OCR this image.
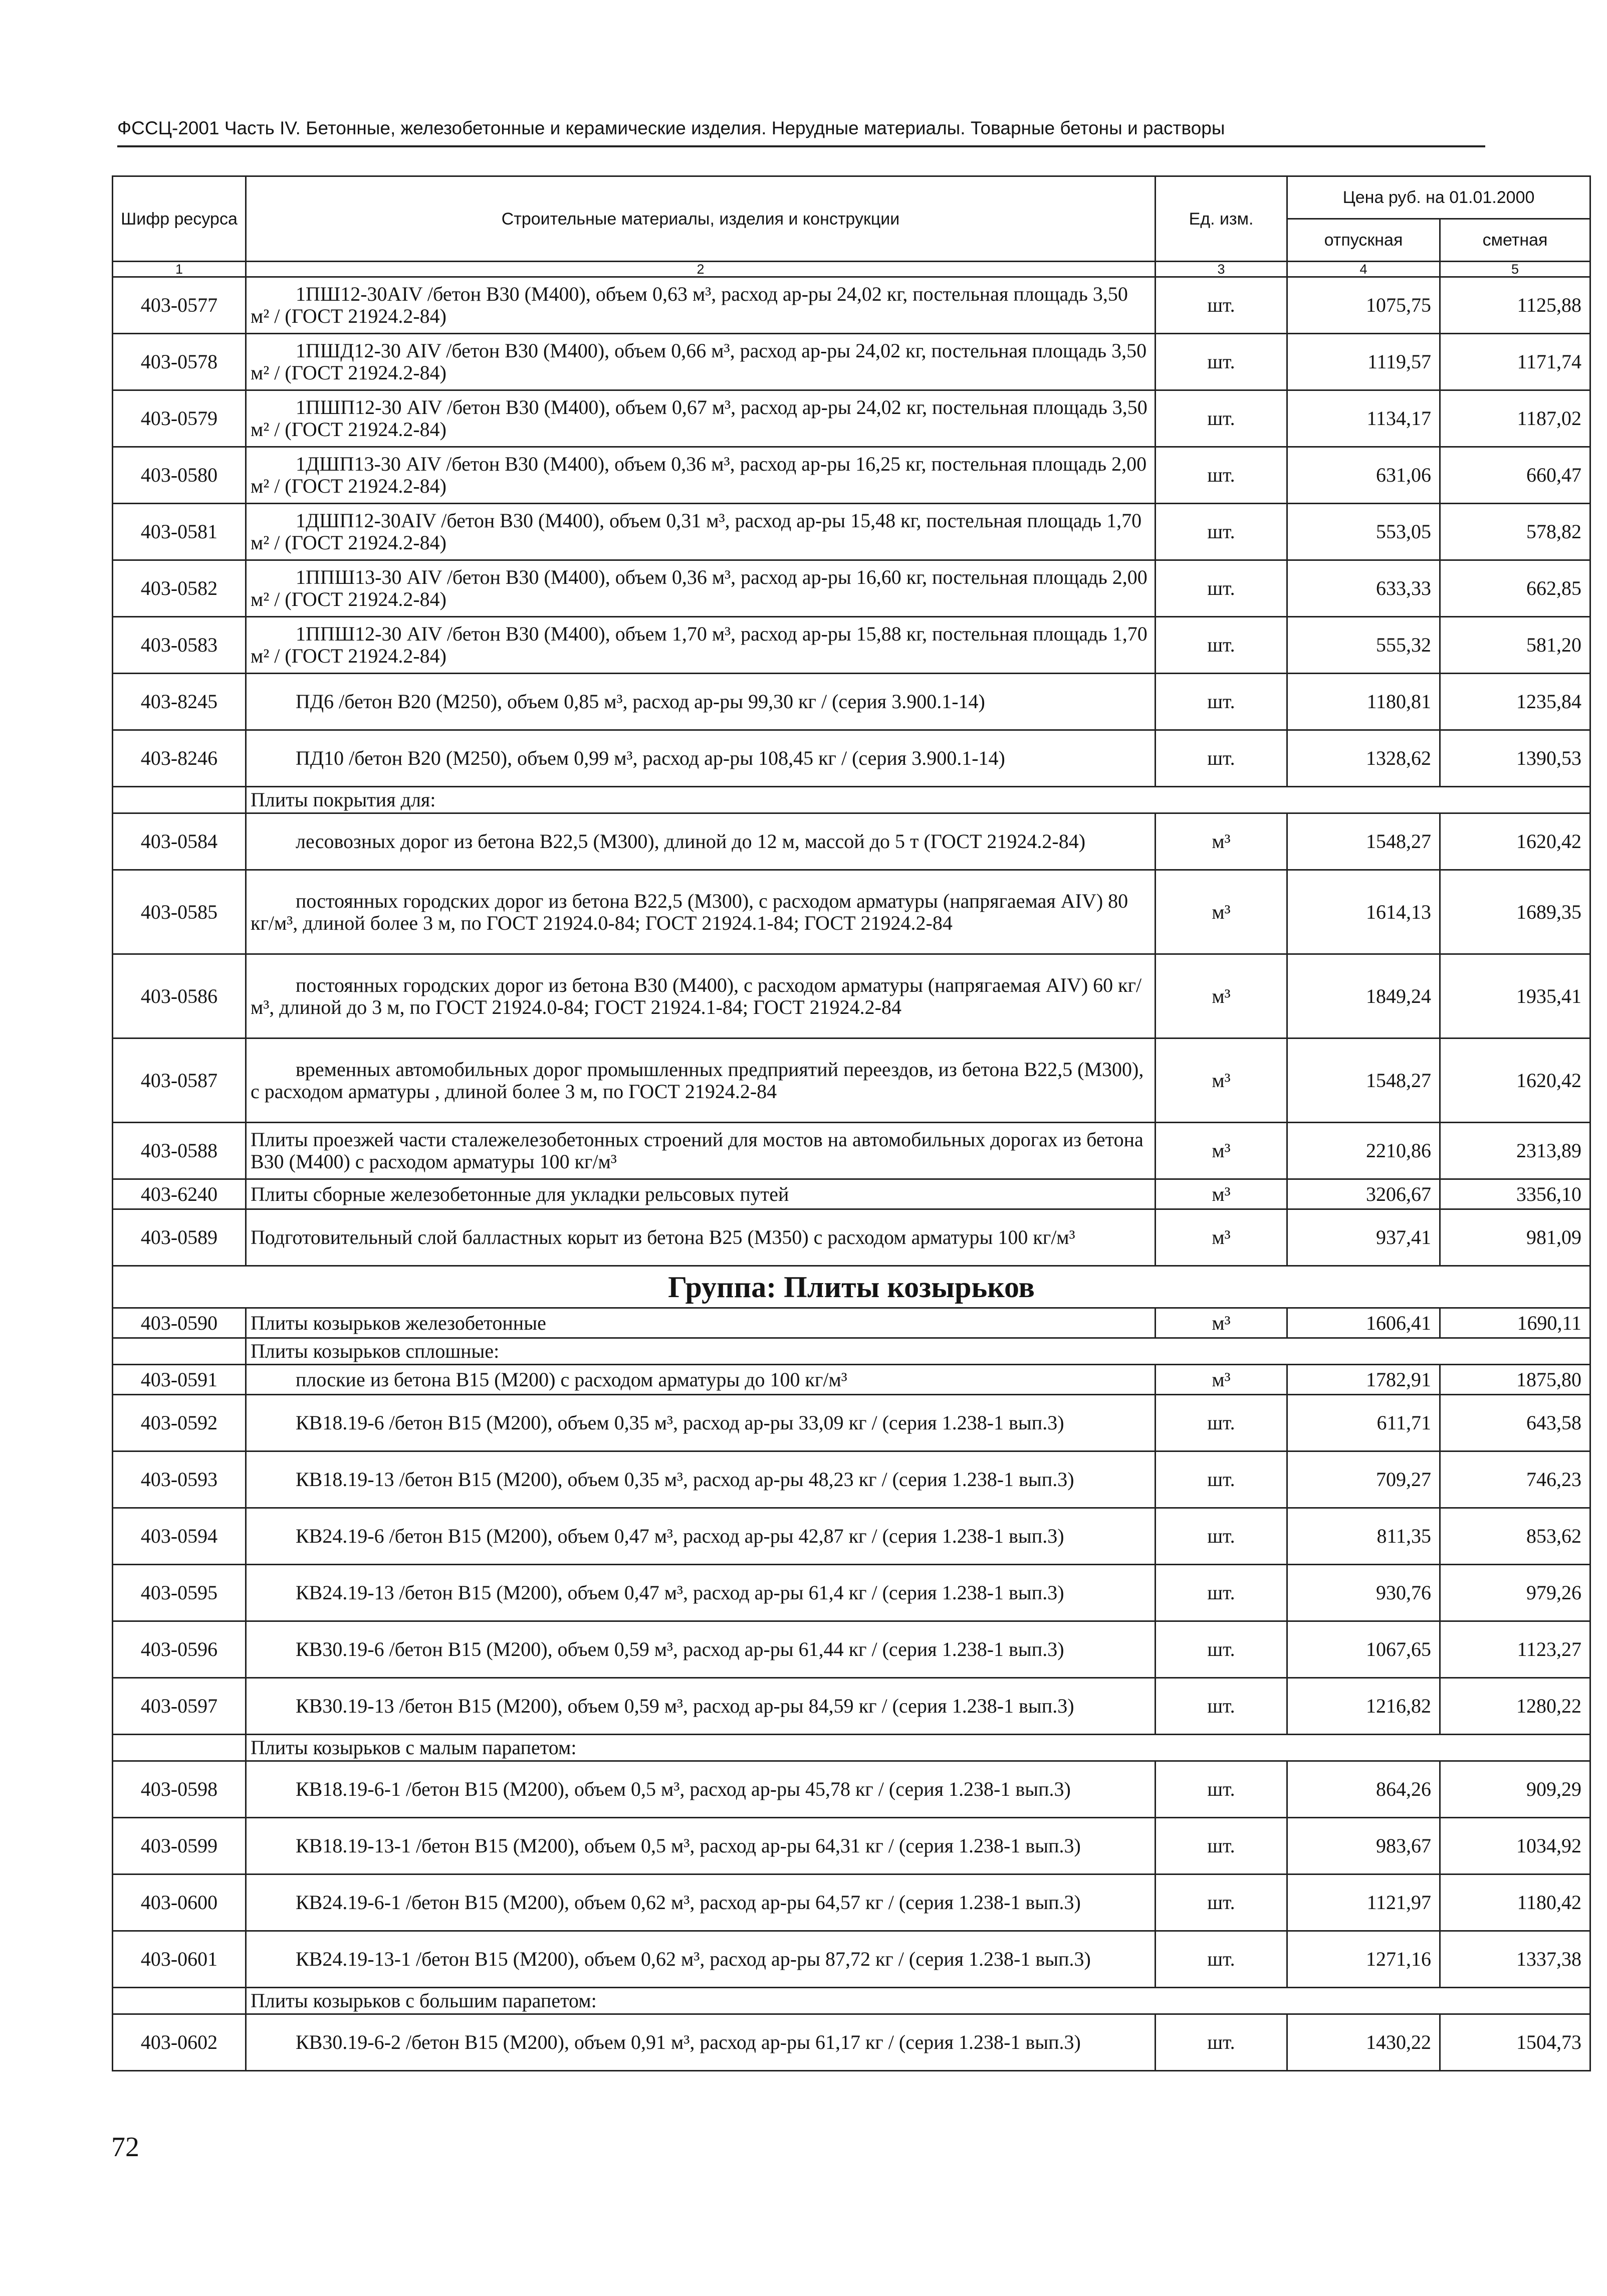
ФССЦ-2001 Часть IV. Бетонные, железобетонные и керамические изделия. Нерудные материалы. Товарные бетоны и растворы
Шифр ресурса	Строительные материалы, изделия и конструкции	Ед. изм.	Цена руб. на 01.01.2000	
			отпускная	сметная
1	2	3	4	5
403-0577	1ПШ12-30AIV /бетон В30 (М400), объем 0,63 м³, расход ар-ры 24,02 кг, постельная площадь 3,50 м² / (ГОСТ 21924.2-84)	шт.	1075,75	1125,88
403-0578	1ПШД12-30 AIV /бетон В30 (М400), объем 0,66 м³, расход ар-ры 24,02 кг, постельная площадь 3,50 м² / (ГОСТ 21924.2-84)	шт.	1119,57	1171,74
403-0579	1ПШП12-30 AIV /бетон В30 (М400), объем 0,67 м³, расход ар-ры 24,02 кг, постельная площадь 3,50 м² / (ГОСТ 21924.2-84)	шт.	1134,17	1187,02
403-0580	1ДШП13-30 AIV /бетон В30 (М400), объем 0,36 м³, расход ар-ры 16,25 кг, постельная площадь 2,00 м² / (ГОСТ 21924.2-84)	шт.	631,06	660,47
403-0581	1ДШП12-30AIV /бетон В30 (М400), объем 0,31 м³, расход ар-ры 15,48 кг, постельная площадь 1,70 м² / (ГОСТ 21924.2-84)	шт.	553,05	578,82
403-0582	1ППШ13-30 AIV /бетон В30 (М400), объем 0,36 м³, расход ар-ры 16,60 кг, постельная площадь 2,00 м² / (ГОСТ 21924.2-84)	шт.	633,33	662,85
403-0583	1ППШ12-30 AIV /бетон В30 (М400), объем 1,70 м³, расход ар-ры 15,88 кг, постельная площадь 1,70 м² / (ГОСТ 21924.2-84)	шт.	555,32	581,20
403-8245	ПД6 /бетон В20 (М250), объем 0,85 м³, расход ар-ры 99,30 кг / (серия 3.900.1-14)	шт.	1180,81	1235,84
403-8246	ПД10 /бетон В20 (М250), объем 0,99 м³, расход ар-ры 108,45 кг / (серия 3.900.1-14)	шт.	1328,62	1390,53
	Плиты покрытия для:			
403-0584	лесовозных дорог из бетона В22,5 (М300), длиной до 12 м, массой до 5 т (ГОСТ 21924.2-84)	м³	1548,27	1620,42
403-0585	постоянных городских дорог из бетона В22,5 (М300), с расходом арматуры (напрягаемая AIV) 80 кг/м³, длиной более 3 м, по ГОСТ 21924.0-84; ГОСТ 21924.1-84; ГОСТ 21924.2-84	м³	1614,13	1689,35
403-0586	постоянных городских дорог из бетона В30 (М400), с расходом арматуры (напрягаемая AIV) 60 кг/м³, длиной до 3 м, по ГОСТ 21924.0-84; ГОСТ 21924.1-84; ГОСТ 21924.2-84	м³	1849,24	1935,41
403-0587	временных автомобильных дорог промышленных предприятий переездов, из бетона В22,5 (М300), с расходом арматуры , длиной более 3 м, по ГОСТ 21924.2-84	м³	1548,27	1620,42
403-0588	Плиты проезжей части сталежелезобетонных строений для мостов на автомобильных дорогах из бетона В30 (М400) с расходом арматуры 100 кг/м³	м³	2210,86	2313,89
403-6240	Плиты сборные железобетонные для укладки рельсовых путей	м³	3206,67	3356,10
403-0589	Подготовительный слой балластных корыт из бетона В25 (М350) с расходом арматуры 100 кг/м³	м³	937,41	981,09
Группа: Плиты козырьков				
403-0590	Плиты козырьков железобетонные	м³	1606,41	1690,11
	Плиты козырьков сплошные:			
403-0591	плоские из бетона В15 (М200) с расходом арматуры до 100 кг/м³	м³	1782,91	1875,80
403-0592	КВ18.19-6 /бетон В15 (М200), объем 0,35 м³, расход ар-ры 33,09 кг / (серия 1.238-1 вып.3)	шт.	611,71	643,58
403-0593	КВ18.19-13 /бетон В15 (М200), объем 0,35 м³, расход ар-ры 48,23 кг / (серия 1.238-1 вып.3)	шт.	709,27	746,23
403-0594	КВ24.19-6 /бетон В15 (М200), объем 0,47 м³, расход ар-ры 42,87 кг / (серия 1.238-1 вып.3)	шт.	811,35	853,62
403-0595	КВ24.19-13 /бетон В15 (М200), объем 0,47 м³, расход ар-ры 61,4 кг / (серия 1.238-1 вып.3)	шт.	930,76	979,26
403-0596	КВ30.19-6 /бетон В15 (М200), объем 0,59 м³, расход ар-ры 61,44 кг / (серия 1.238-1 вып.3)	шт.	1067,65	1123,27
403-0597	КВ30.19-13 /бетон В15 (М200), объем 0,59 м³, расход ар-ры 84,59 кг / (серия 1.238-1 вып.3)	шт.	1216,82	1280,22
	Плиты козырьков с малым парапетом:			
403-0598	КВ18.19-6-1 /бетон В15 (М200), объем 0,5 м³, расход ар-ры 45,78 кг / (серия 1.238-1 вып.3)	шт.	864,26	909,29
403-0599	КВ18.19-13-1 /бетон В15 (М200), объем 0,5 м³, расход ар-ры 64,31 кг / (серия 1.238-1 вып.3)	шт.	983,67	1034,92
403-0600	КВ24.19-6-1 /бетон В15 (М200), объем 0,62 м³, расход ар-ры 64,57 кг / (серия 1.238-1 вып.3)	шт.	1121,97	1180,42
403-0601	КВ24.19-13-1 /бетон В15 (М200), объем 0,62 м³, расход ар-ры 87,72 кг / (серия 1.238-1 вып.3)	шт.	1271,16	1337,38
	Плиты козырьков с большим парапетом:			
403-0602	КВ30.19-6-2 /бетон В15 (М200), объем 0,91 м³, расход ар-ры 61,17 кг / (серия 1.238-1 вып.3)	шт.	1430,22	1504,73
72
